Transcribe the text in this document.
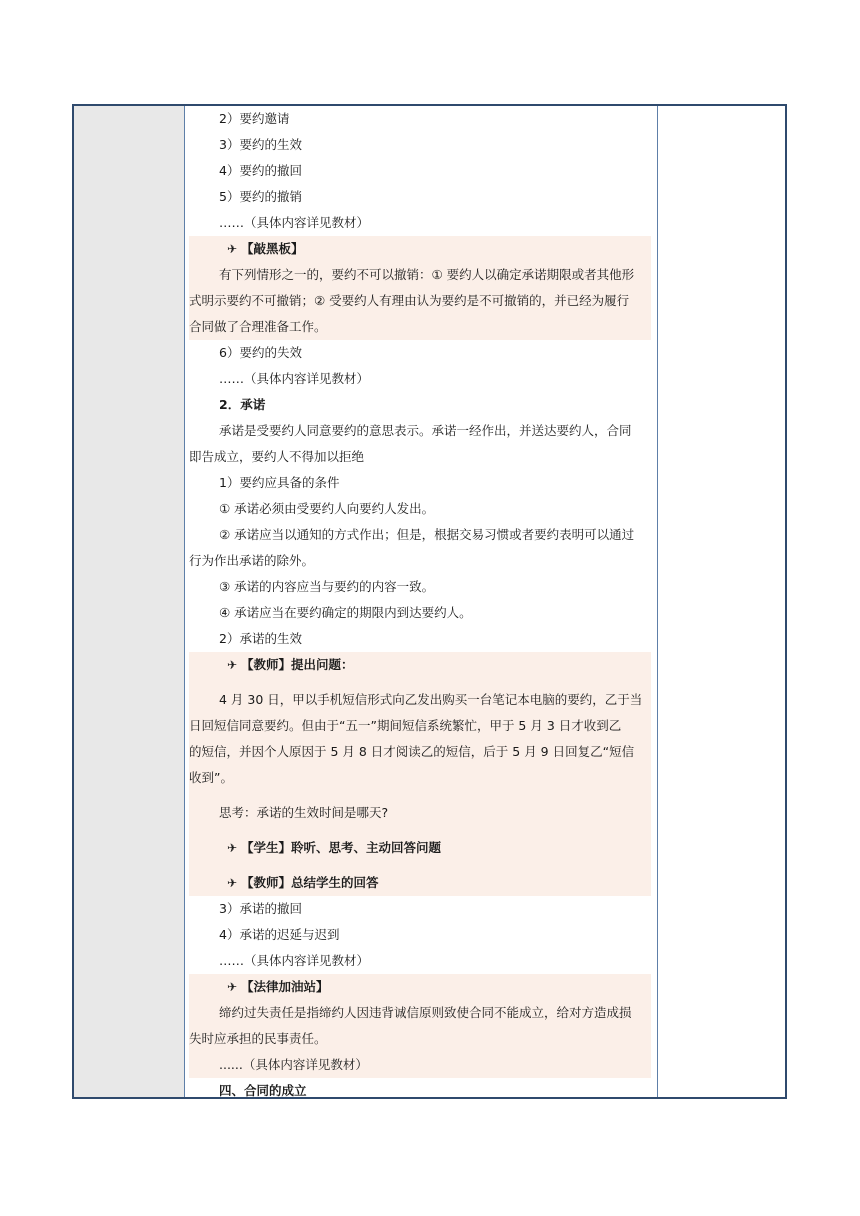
2）要约邀请
3）要约的生效
4）要约的撤回
5）要约的撤销
……（具体内容详见教材）
✈ 【敲黑板】
有下列情形之一的，要约不可以撤销：① 要约人以确定承诺期限或者其他形
式明示要约不可撤销；② 受要约人有理由认为要约是不可撤销的，并已经为履行
合同做了合理准备工作。
6）要约的失效
……（具体内容详见教材）
2．承诺
承诺是受要约人同意要约的意思表示。承诺一经作出，并送达要约人，合同
即告成立，要约人不得加以拒绝
1）要约应具备的条件
① 承诺必须由受要约人向要约人发出。
② 承诺应当以通知的方式作出；但是，根据交易习惯或者要约表明可以通过
行为作出承诺的除外。
③ 承诺的内容应当与要约的内容一致。
④ 承诺应当在要约确定的期限内到达要约人。
2）承诺的生效
✈ 【教师】提出问题：
4 月 30 日，甲以手机短信形式向乙发出购买一台笔记本电脑的要约，乙于当
日回短信同意要约。但由于“五一”期间短信系统繁忙，甲于 5 月 3 日才收到乙
的短信，并因个人原因于 5 月 8 日才阅读乙的短信，后于 5 月 9 日回复乙“短信
收到”。
思考：承诺的生效时间是哪天?
✈ 【学生】聆听、思考、主动回答问题
✈ 【教师】总结学生的回答
3）承诺的撤回
4）承诺的迟延与迟到
……（具体内容详见教材）
✈ 【法律加油站】
缔约过失责任是指缔约人因违背诚信原则致使合同不能成立，给对方造成损
失时应承担的民事责任。
......（具体内容详见教材）
四、合同的成立
